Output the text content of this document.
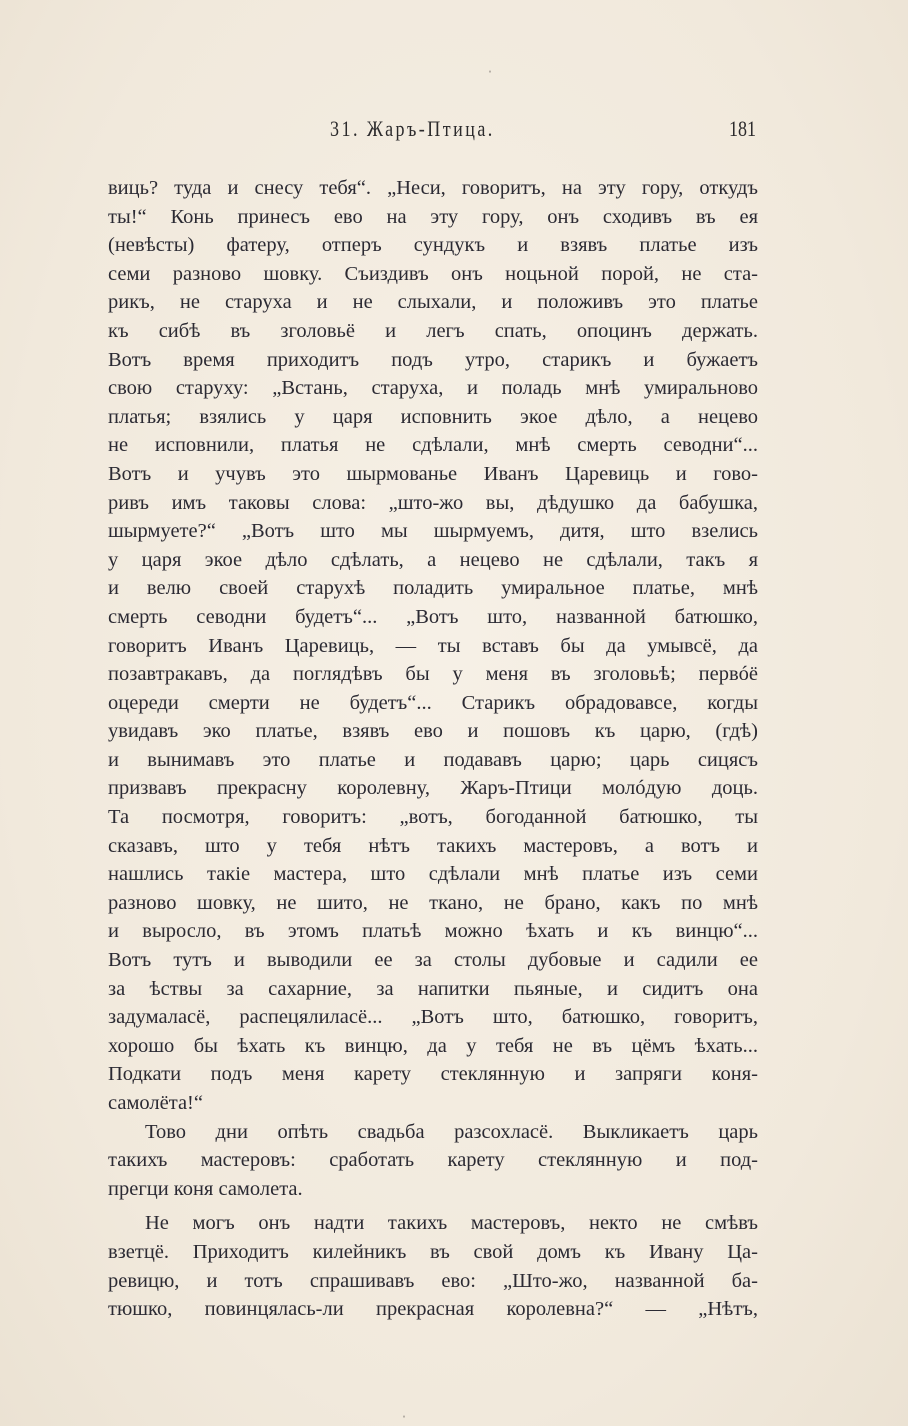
31. Жаръ-Птица.	181
виць? туда и снесу тебя“. „Неси, говоритъ, на эту гору, откудъ
ты!“ Конь принесъ ево на эту гору, онъ сходивъ въ ея
(невѣсты) фатеру, отперъ сундукъ и взявъ платье изъ
семи разново шовку. Съиздивъ онъ ноцьной порой, не ста-
рикъ, не старуха и не слыхали, и положивъ это платье
къ сибѣ въ зголовьё и легъ спать, опоцинъ держать.
Вотъ время приходитъ подъ утро, старикъ и бужаетъ
свою старуху: „Встань, старуха, и поладь мнѣ умиральново
платья; взялись у царя исповнить экое дѣло, а нецево
не исповнили, платья не сдѣлали, мнѣ смерть севодни“...
Вотъ и учувъ это шырмованье Иванъ Царевиць и гово-
ривъ имъ таковы слова: „што-жо вы, дѣдушко да бабушка,
шырмуете?“ „Вотъ што мы шырмуемъ, дитя, што взелись
у царя экое дѣло сдѣлать, а нецево не сдѣлали, такъ я
и велю своей старухѣ поладить умиральное платье, мнѣ
смерть севодни будетъ“... „Вотъ што, названной батюшко,
говоритъ Иванъ Царевиць, — ты вставъ бы да умывсё, да
позавтракавъ, да поглядѣвъ бы у меня въ зголовьѣ; первóё
оцереди смерти не будетъ“... Старикъ обрадовавсе, когды
увидавъ эко платье, взявъ ево и пошовъ къ царю, (гдѣ)
и вынимавъ это платье и подававъ царю; царь сицясъ
призвавъ прекрасну королевну, Жаръ-Птици молóдую доць.
Та посмотря, говоритъ: „вотъ, богоданной батюшко, ты
сказавъ, што у тебя нѣтъ такихъ мастеровъ, а вотъ и
нашлись такіе мастера, што сдѣлали мнѣ платье изъ семи
разново шовку, не шито, не ткано, не брано, какъ по мнѣ
и выросло, въ этомъ платьѣ можно ѣхать и къ винцю“...
Вотъ тутъ и выводили ее за столы дубовые и садили ее
за ѣствы за сахарние, за напитки пьяные, и сидитъ она
задумаласё, распецялиласё... „Вотъ што, батюшко, говоритъ,
хорошо бы ѣхать къ винцю, да у тебя не въ цёмъ ѣхать...
Подкати подъ меня карету стеклянную и запряги коня-
самолёта!“
Тово дни опѣть свадьба разсохласё. Выкликаетъ царь
такихъ мастеровъ: сработать карету стеклянную и под-
прегци коня самолета.
Не могъ онъ надти такихъ мастеровъ, некто не смѣвъ
взетцё. Приходитъ килейникъ въ свой домъ къ Ивану Ца-
ревицю, и тотъ спрашивавъ ево: „Што-жо, названной ба-
тюшко, повинцялась-ли прекрасная королевна?“ — „Нѣтъ,
ˈ
ˌ
